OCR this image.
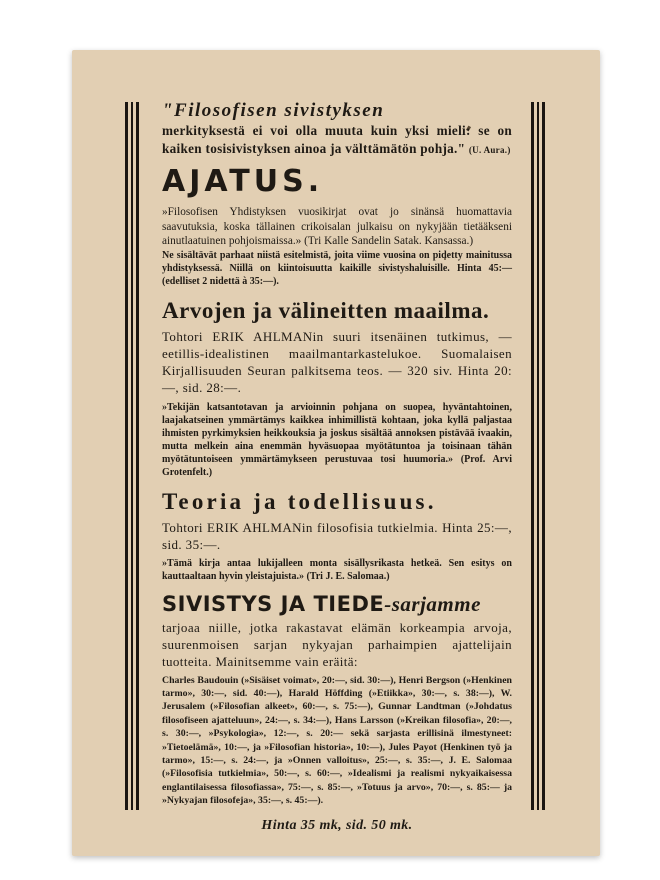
"Filosofisen sivistyksen

merkityksestä ei voi olla muuta kuin yksi mieli: se on kaiken tosisivistyksen ainoa ja välttämätön pohja." (U. Aura.)

AJATUS.

»Filosofisen Yhdistyksen vuosikirjat ovat jo sinänsä huomattavia saavutuksia, koska tällainen crikoisalan julkaisu on nykyjään tietääkseni ainutlaatuinen pohjoismaissa.» (Tri Kalle Sandelin Satak. Kansassa.)

Ne sisältävät parhaat niistä esitelmistä, joita viime vuosina on pidetty mainitussa yhdistyksessä. Niillä on kiintoisuutta kaikille sivistyshaluisille. Hinta 45:— (edelliset 2 nidettä à 35:—).

Arvojen ja välineitten maailma.

Tohtori ERIK AHLMANin suuri itsenäinen tutkimus, — eetillis-idealistinen maailmantarkastelukoe. Suomalaisen Kirjallisuuden Seuran palkitsema teos. — 320 siv. Hinta 20:—, sid. 28:—.

»Tekijän katsantotavan ja arvioinnin pohjana on suopea, hyväntahtoinen, laajakatseinen ymmärtämys kaikkea inhimillistä kohtaan, joka kyllä paljastaa ihmisten pyrkimyksien heikkouksia ja joskus sisältää annoksen pistävää ivaakin, mutta melkein aina enemmän hyväsuopaa myötätuntoa ja toisinaan tähän myötätuntoiseen ymmärtämykseen perustuvaa tosi huumoria.» (Prof. Arvi Grotenfelt.)

Teoria ja todellisuus.

Tohtori ERIK AHLMANin filosofisia tutkielmia. Hinta 25:—, sid. 35:—.

»Tämä kirja antaa lukijalleen monta sisällysrikasta hetkeä. Sen esitys on kauttaaltaan hyvin yleistajuista.» (Tri J. E. Salomaa.)

SIVISTYS JA TIEDE-sarjamme

tarjoaa niille, jotka rakastavat elämän korkeampia arvoja, suurenmoisen sarjan nykyajan parhaimpien ajattelijain tuotteita. Mainitsemme vain eräitä:

Charles Baudouin (»Sisäiset voimat», 20:—, sid. 30:—), Henri Bergson (»Henkinen tarmo», 30:—, sid. 40:—), Harald Höffding (»Etiikka», 30:—, s. 38:—), W. Jerusalem (»Filosofian alkeet», 60:—, s. 75:—), Gunnar Landtman (»Johdatus filosofiseen ajatteluun», 24:—, s. 34:—), Hans Larsson (»Kreikan filosofia», 20:—, s. 30:—, »Psykologia», 12:—, s. 20:— sekä sarjasta erillisinä ilmestyneet: »Tietoelämä», 10:—, ja »Filosofian historia», 10:—), Jules Payot (Henkinen työ ja tarmo», 15:—, s. 24:—, ja »Onnen valloitus», 25:—, s. 35:—, J. E. Salomaa (»Filosofisia tutkielmia», 50:—, s. 60:—, »Idealismi ja realismi nykyaikaisessa englantilaisessa filosofiassa», 75:—, s. 85:—, »Totuus ja arvo», 70:—, s. 85:— ja »Nykyajan filosofeja», 35:—, s. 45:—).

Hinta 35 mk, sid. 50 mk.
